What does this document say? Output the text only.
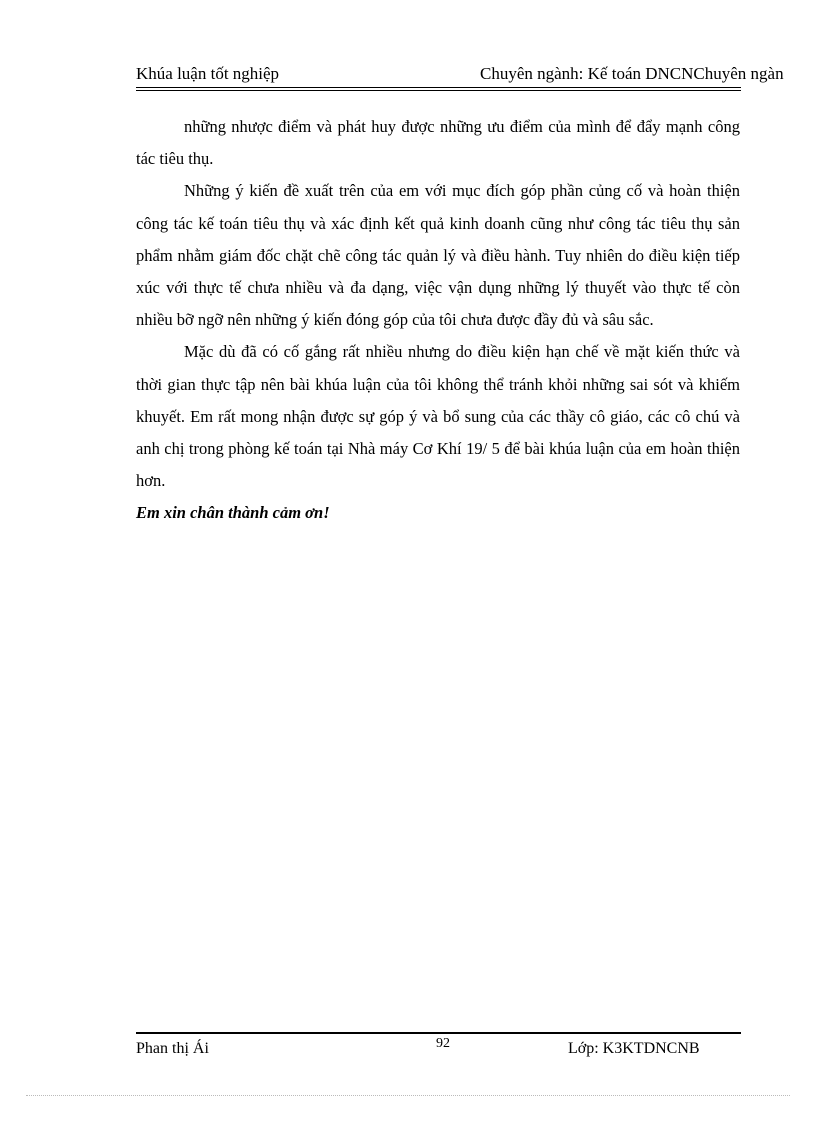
Khúa luận tốt nghiệp	Chuyên ngành: Kế toán DNCNChuyên ngàn

những nhược điểm và phát huy được những ưu điểm của mình để đẩy mạnh công tác tiêu thụ.

Những ý kiến đề xuất trên của em với mục đích góp phần củng cố và hoàn thiện công tác kế toán tiêu thụ và xác định kết quả kinh doanh cũng như công tác tiêu thụ sản phẩm nhằm giám đốc chặt chẽ công tác quản lý và điều hành. Tuy nhiên do điều kiện tiếp xúc với thực tế chưa nhiều và đa dạng, việc vận dụng những lý thuyết vào thực tế còn nhiều bỡ ngỡ nên những ý kiến đóng góp của tôi chưa được đầy đủ và sâu sắc.

Mặc dù đã có cố gắng rất nhiều nhưng do điều kiện hạn chế về mặt kiến thức và thời gian thực tập nên bài khúa luận của tôi không thể tránh khỏi những sai sót và khiếm khuyết. Em rất mong nhận được sự góp ý và bổ sung của các thầy cô giáo, các cô chú và anh chị trong phòng kế toán tại Nhà máy Cơ Khí 19/ 5 để bài khúa luận của em hoàn thiện hơn.

Em xin chân thành cảm ơn!

Phan thị Ái	92	Lớp: K3KTDNCNB
